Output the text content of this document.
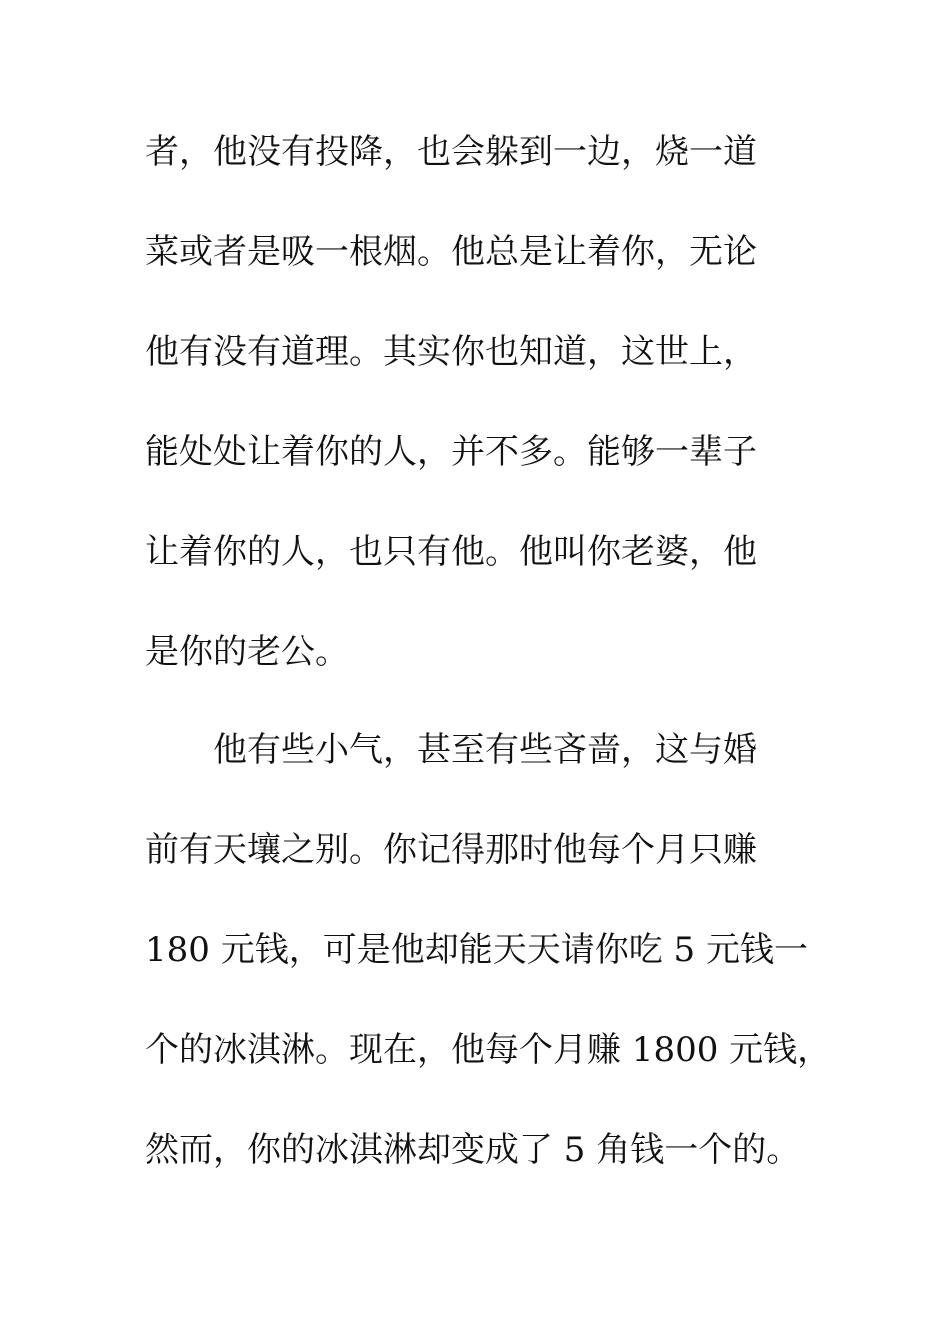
者，他没有投降，也会躲到一边，烧一道

菜或者是吸一根烟。他总是让着你，无论

他有没有道理。其实你也知道，这世上，

能处处让着你的人，并不多。能够一辈子

让着你的人，也只有他。他叫你老婆，他

是你的老公。

　　他有些小气，甚至有些吝啬，这与婚

前有天壤之别。你记得那时他每个月只赚

180 元钱，可是他却能天天请你吃 5 元钱一

个的冰淇淋。现在，他每个月赚 1800 元钱，

然而，你的冰淇淋却变成了 5 角钱一个的。
